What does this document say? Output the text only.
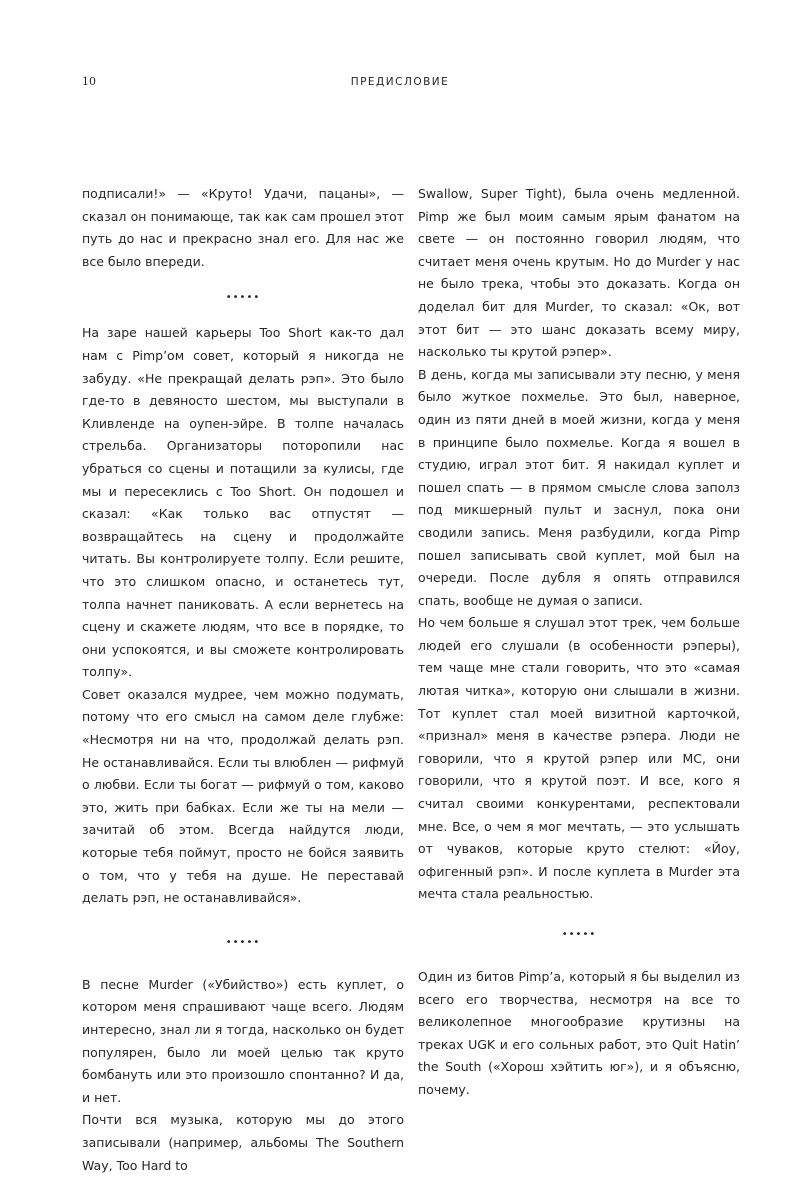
10	ПРЕДИСЛОВИЕ

подписали!» — «Круто! Удачи, пацаны», — сказал он понимающе, так как сам прошел этот путь до нас и прекрасно знал его. Для нас же все было впереди.

•••••

На заре нашей карьеры Too Short как-то дал нам с Pimp’ом совет, который я никогда не забуду. «Не прекращай делать рэп». Это было где-то в девяносто шестом, мы выступали в Кливленде на оупен-эйре. В толпе началась стрельба. Организаторы поторопили нас убраться со сцены и потащили за кулисы, где мы и пересеклись с Too Short. Он подошел и сказал: «Как только вас отпустят — возвращайтесь на сцену и продолжайте читать. Вы контролируете толпу. Если решите, что это слишком опасно, и останетесь тут, толпа начнет паниковать. А если вернетесь на сцену и скажете людям, что все в порядке, то они успокоятся, и вы сможете контролировать толпу».

Совет оказался мудрее, чем можно подумать, потому что его смысл на самом деле глубже: «Несмотря ни на что, продолжай делать рэп. Не останавливайся. Если ты влюблен — рифмуй о любви. Если ты богат — рифмуй о том, каково это, жить при бабках. Если же ты на мели — зачитай об этом. Всегда найдутся люди, которые тебя поймут, просто не бойся заявить о том, что у тебя на душе. Не переставай делать рэп, не останавливайся».

•••••

В песне Murder («Убийство») есть куплет, о котором меня спрашивают чаще всего. Людям интересно, знал ли я тогда, насколько он будет популярен, было ли моей целью так круто бомбануть или это произошло спонтанно? И да, и нет.

Почти вся музыка, которую мы до этого записывали (например, альбомы The Southern Way, Too Hard to

Swallow, Super Tight), была очень медленной. Pimp же был моим самым ярым фанатом на свете — он постоянно говорил людям, что считает меня очень крутым. Но до Murder у нас не было трека, чтобы это доказать. Когда он доделал бит для Murder, то сказал: «Ок, вот этот бит — это шанс доказать всему миру, насколько ты крутой рэпер».

В день, когда мы записывали эту песню, у меня было жуткое похмелье. Это был, наверное, один из пяти дней в моей жизни, когда у меня в принципе было похмелье. Когда я вошел в студию, играл этот бит. Я накидал куплет и пошел спать — в прямом смысле слова заполз под микшерный пульт и заснул, пока они сводили запись. Меня разбудили, когда Pimp пошел записывать свой куплет, мой был на очереди. После дубля я опять отправился спать, вообще не думая о записи.

Но чем больше я слушал этот трек, чем больше людей его слушали (в особенности рэперы), тем чаще мне стали говорить, что это «самая лютая читка», которую они слышали в жизни. Тот куплет стал моей визитной карточкой, «признал» меня в качестве рэпера. Люди не говорили, что я крутой рэпер или MC, они говорили, что я крутой поэт. И все, кого я считал своими конкурентами, респектовали мне. Все, о чем я мог мечтать, — это услышать от чуваков, которые круто стелют: «Йоу, офигенный рэп». И после куплета в Murder эта мечта стала реальностью.

•••••

Один из битов Pimp’а, который я бы выделил из всего его творчества, несмотря на все то великолепное многообразие крутизны на треках UGK и его сольных работ, это Quit Hatin’ the South («Хорош хэйтить юг»), и я объясню, почему.
